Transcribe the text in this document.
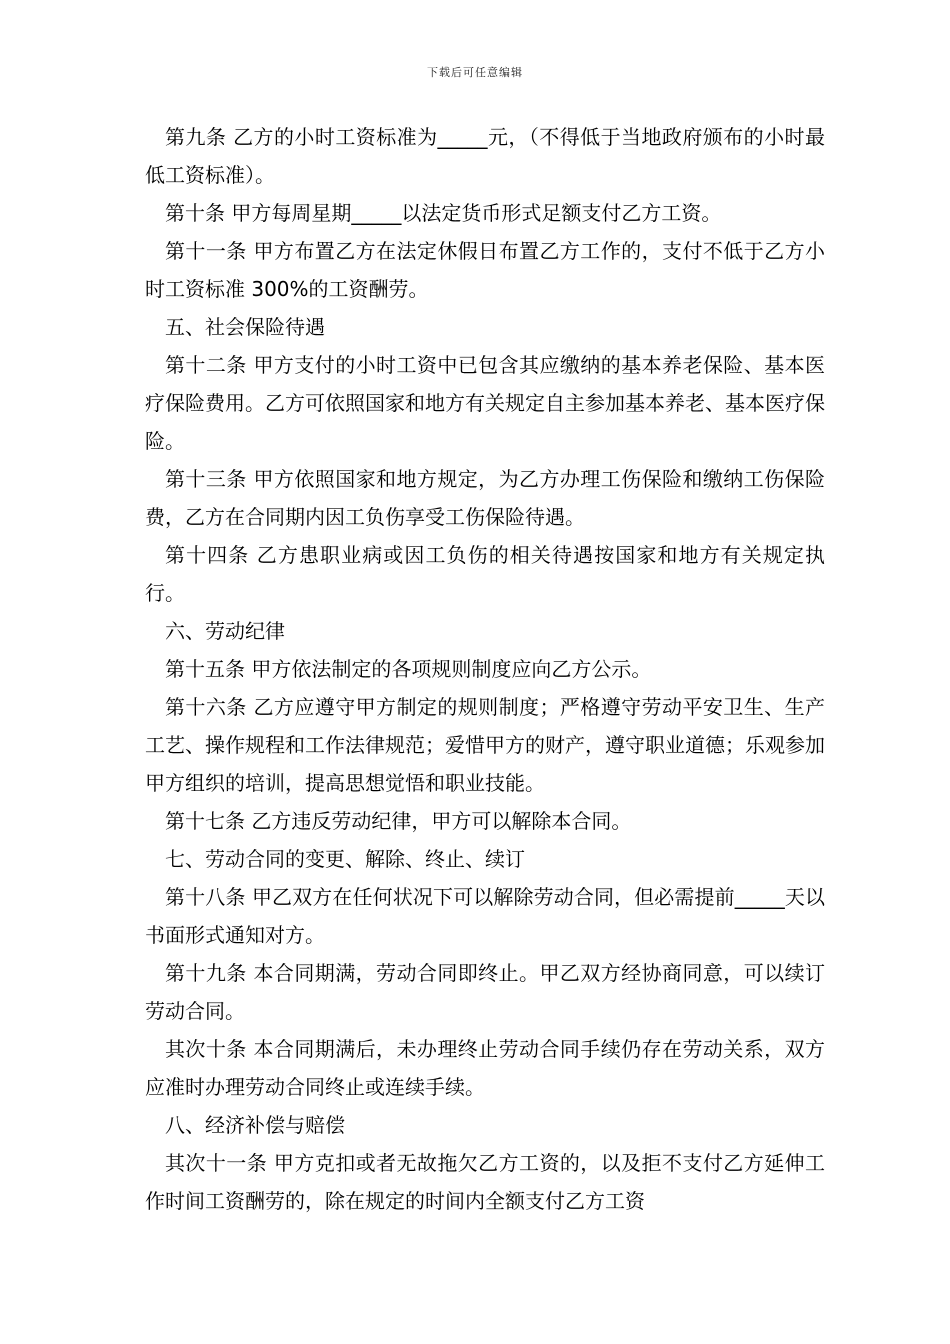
下载后可任意编辑

第九条 乙方的小时工资标准为_____元，（不得低于当地政府颁布的小时最低工资标准）。

第十条 甲方每周星期_____以法定货币形式足额支付乙方工资。

第十一条 甲方布置乙方在法定休假日布置乙方工作的，支付不低于乙方小时工资标准 300%的工资酬劳。

五、社会保险待遇

第十二条 甲方支付的小时工资中已包含其应缴纳的基本养老保险、基本医疗保险费用。乙方可依照国家和地方有关规定自主参加基本养老、基本医疗保险。

第十三条 甲方依照国家和地方规定，为乙方办理工伤保险和缴纳工伤保险费，乙方在合同期内因工负伤享受工伤保险待遇。

第十四条 乙方患职业病或因工负伤的相关待遇按国家和地方有关规定执行。

六、劳动纪律

第十五条 甲方依法制定的各项规则制度应向乙方公示。

第十六条 乙方应遵守甲方制定的规则制度；严格遵守劳动平安卫生、生产工艺、操作规程和工作法律规范；爱惜甲方的财产，遵守职业道德；乐观参加甲方组织的培训，提高思想觉悟和职业技能。

第十七条 乙方违反劳动纪律，甲方可以解除本合同。

七、劳动合同的变更、解除、终止、续订

第十八条 甲乙双方在任何状况下可以解除劳动合同，但必需提前_____天以书面形式通知对方。

第十九条 本合同期满，劳动合同即终止。甲乙双方经协商同意，可以续订劳动合同。

其次十条 本合同期满后，未办理终止劳动合同手续仍存在劳动关系，双方应准时办理劳动合同终止或连续手续。

八、经济补偿与赔偿

其次十一条 甲方克扣或者无故拖欠乙方工资的，以及拒不支付乙方延伸工作时间工资酬劳的，除在规定的时间内全额支付乙方工资
